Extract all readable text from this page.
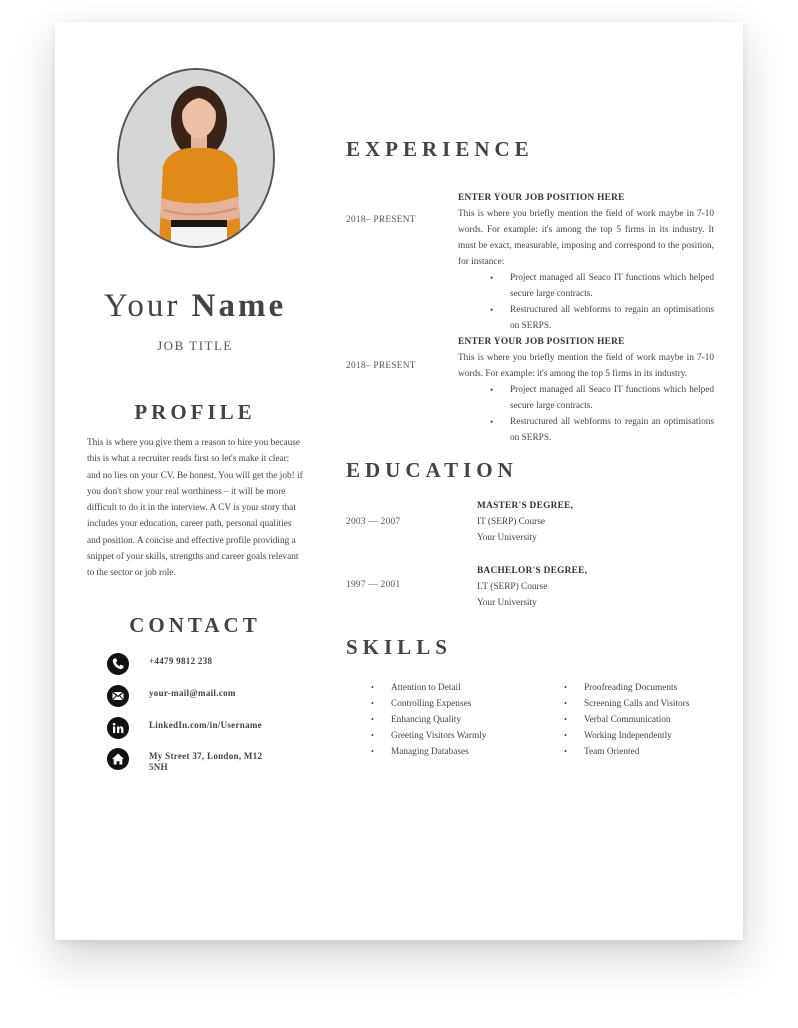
Your Name
JOB TITLE
PROFILE
This is where you give them a reason to hire you because this is what a recruiter reads first so let's make it clear: and no lies on your CV. Be honest. You will get the job! if you don't show your real worthiness – it will be more difficult to do it in the interview. A CV is your story that includes your education, career path, personal qualities and position. A concise and effective profile providing a snippet of your skills, strengths and career goals relevant to the sector or job role.
CONTACT
+4479 9812 238
your-mail@mail.com
LinkedIn.com/in/Username
My Street 37, London, M12 5NH
EXPERIENCE
2018– PRESENT
ENTER YOUR JOB POSITION HERE
This is where you briefly mention the field of work maybe in 7-10 words. For example: it's among the top 5 firms in its industry. It must be exact, measurable, imposing and correspond to the position, for instance:
• Project managed all Seaco IT functions which helped secure large contracts.
• Restructured all webforms to regain an optimisations on SERPS.
2018– PRESENT
ENTER YOUR JOB POSITION HERE
This is where you briefly mention the field of work maybe in 7-10 words. For example: it's among the top 5 firms in its industry.
• Project managed all Seaco IT functions which helped secure large contracts.
• Restructured all webforms to regain an optimisations on SERPS.
EDUCATION
2003 — 2007
MASTER'S DEGREE,
IT (SERP) Course
Your University
1997 — 2001
BACHELOR'S DEGREE,
I.T (SERP) Course
Your University
SKILLS
• Attention to Detail
• Controlling Expenses
• Enhancing Quality
• Greeting Visitors Warmly
• Managing Databases
• Proofreading Documents
• Screening Calls and Visitors
• Verbal Communication
• Working Independently
• Team Oriented
